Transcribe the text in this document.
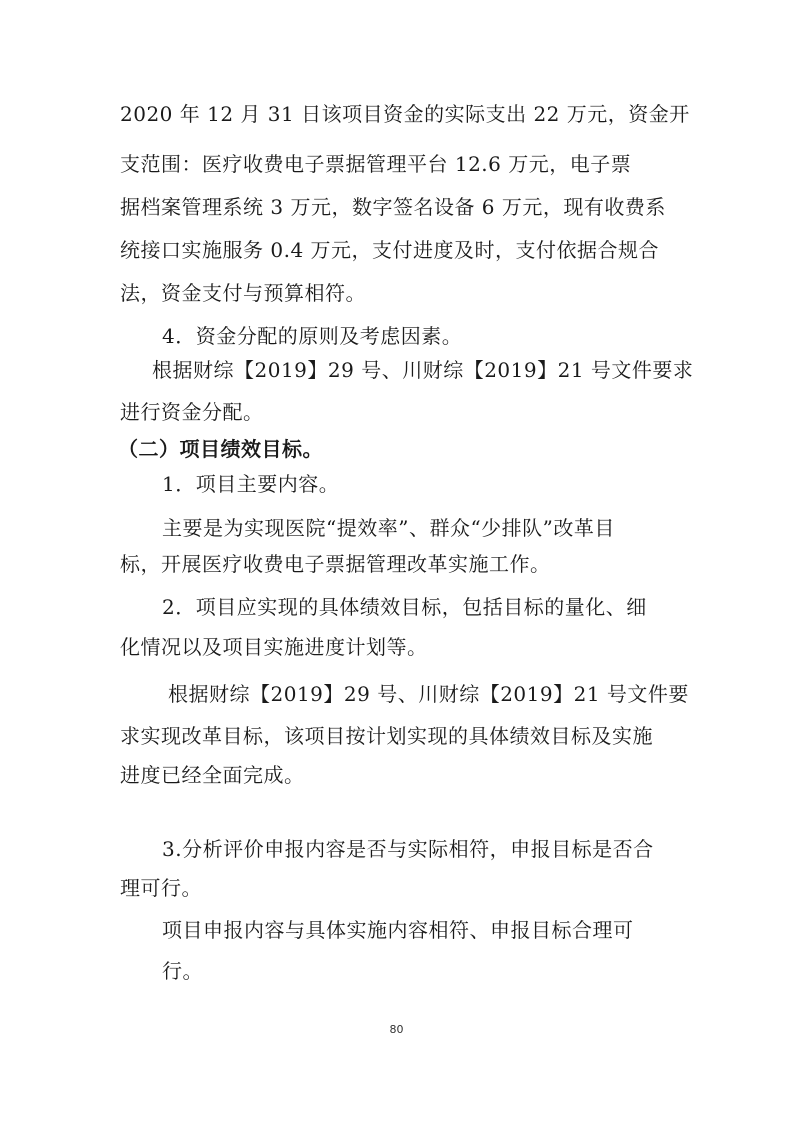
2020 年 12 月 31 日该项目资金的实际支出 22 万元，资金开
支范围：医疗收费电子票据管理平台 12.6 万元，电子票
据档案管理系统 3 万元，数字签名设备 6 万元，现有收费系
统接口实施服务 0.4 万元，支付进度及时，支付依据合规合
法，资金支付与预算相符。
4．资金分配的原则及考虑因素。
根据财综【2019】29 号、川财综【2019】21 号文件要求
进行资金分配。
（二）项目绩效目标。
1．项目主要内容。
主要是为实现医院“提效率”、群众“少排队”改革目
标，开展医疗收费电子票据管理改革实施工作。
2．项目应实现的具体绩效目标，包括目标的量化、细
化情况以及项目实施进度计划等。
根据财综【2019】29 号、川财综【2019】21 号文件要
求实现改革目标，该项目按计划实现的具体绩效目标及实施
进度已经全面完成。
3.分析评价申报内容是否与实际相符，申报目标是否合
理可行。
项目申报内容与具体实施内容相符、申报目标合理可
行。
80
